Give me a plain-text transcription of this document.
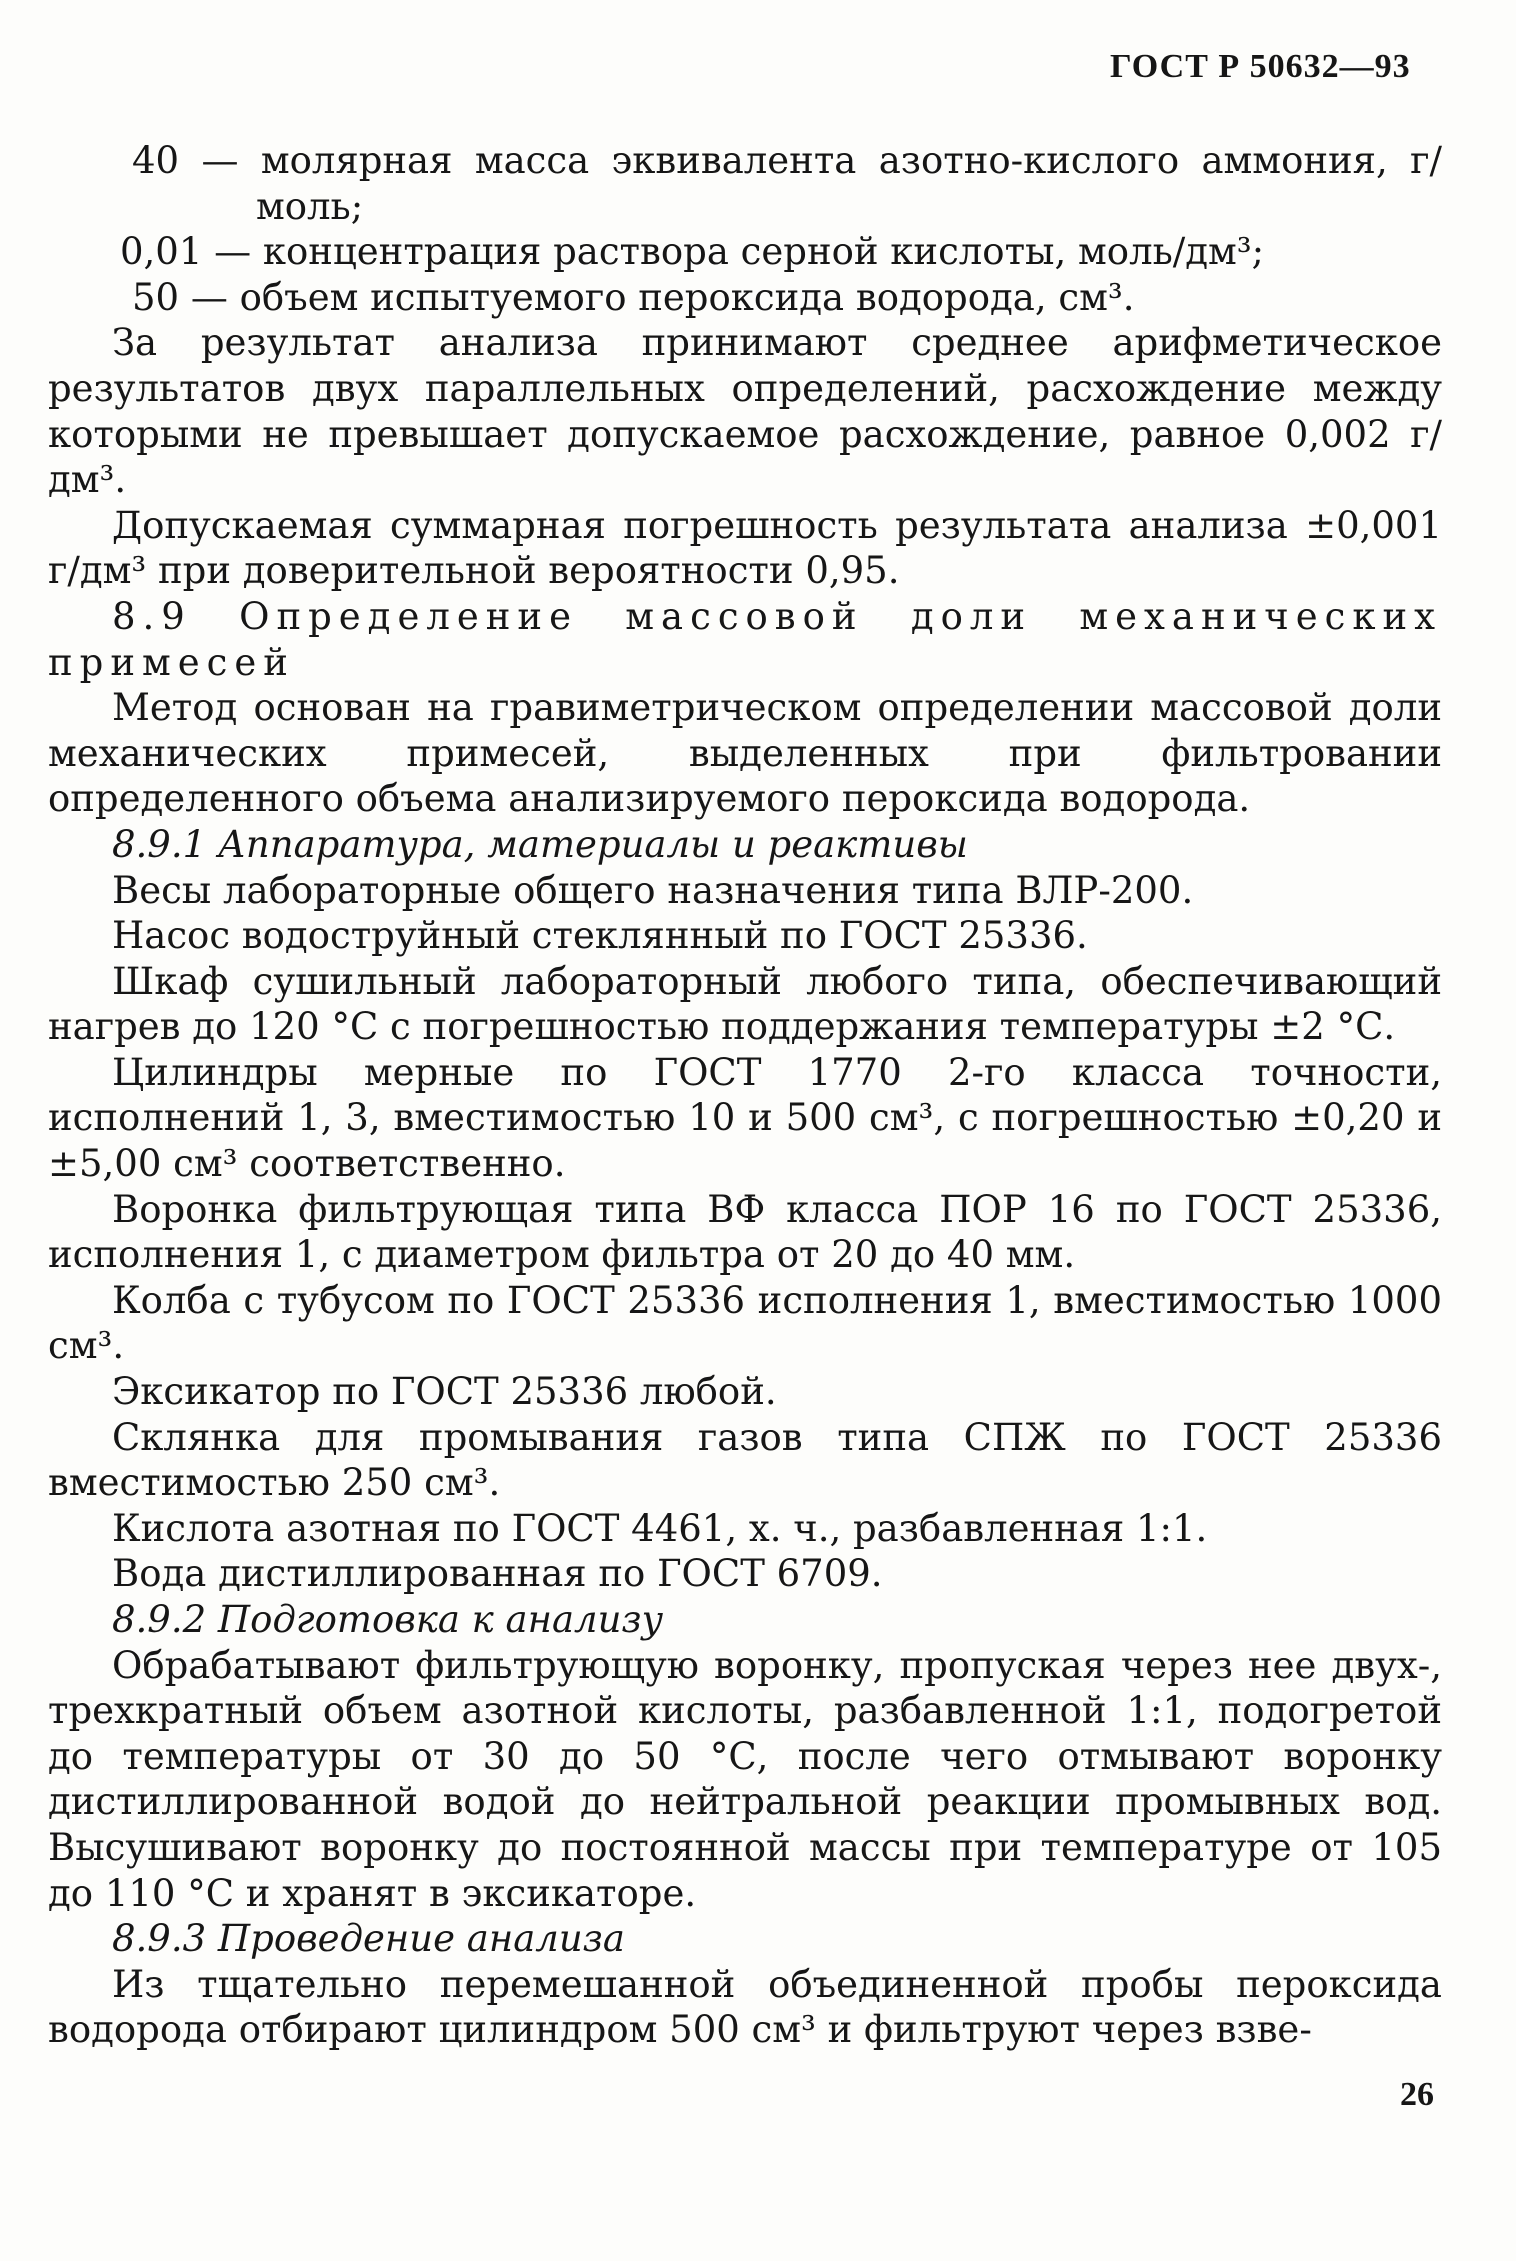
ГОСТ Р 50632—93

40 — молярная масса эквивалента азотно-кислого аммония, г/моль;

0,01 — концентрация раствора серной кислоты, моль/дм³;

50 — объем испытуемого пероксида водорода, см³.

За результат анализа принимают среднее арифметическое результатов двух параллельных определений, расхождение между которыми не превышает допускаемое расхождение, равное 0,002 г/дм³.

Допускаемая суммарная погрешность результата анализа ±0,001 г/дм³ при доверительной вероятности 0,95.

8.9 Определение массовой доли механических примесей

Метод основан на гравиметрическом определении массовой доли механических примесей, выделенных при фильтровании определенного объема анализируемого пероксида водорода.

8.9.1 Аппаратура, материалы и реактивы

Весы лабораторные общего назначения типа ВЛР-200.

Насос водоструйный стеклянный по ГОСТ 25336.

Шкаф сушильный лабораторный любого типа, обеспечивающий нагрев до 120 °С с погрешностью поддержания температуры ±2 °С.

Цилиндры мерные по ГОСТ 1770 2-го класса точности, исполнений 1, 3, вместимостью 10 и 500 см³, с погрешностью ±0,20 и ±5,00 см³ соответственно.

Воронка фильтрующая типа ВФ класса ПОР 16 по ГОСТ 25336, исполнения 1, с диаметром фильтра от 20 до 40 мм.

Колба с тубусом по ГОСТ 25336 исполнения 1, вместимостью 1000 см³.

Эксикатор по ГОСТ 25336 любой.

Склянка для промывания газов типа СПЖ по ГОСТ 25336 вместимостью 250 см³.

Кислота азотная по ГОСТ 4461, х. ч., разбавленная 1:1.

Вода дистиллированная по ГОСТ 6709.

8.9.2 Подготовка к анализу

Обрабатывают фильтрующую воронку, пропуская через нее двух-, трехкратный объем азотной кислоты, разбавленной 1:1, подогретой до температуры от 30 до 50 °С, после чего отмывают воронку дистиллированной водой до нейтральной реакции промывных вод. Высушивают воронку до постоянной массы при температуре от 105 до 110 °С и хранят в эксикаторе.

8.9.3 Проведение анализа

Из тщательно перемешанной объединенной пробы пероксида водорода отбирают цилиндром 500 см³ и фильтруют через взве-

26
